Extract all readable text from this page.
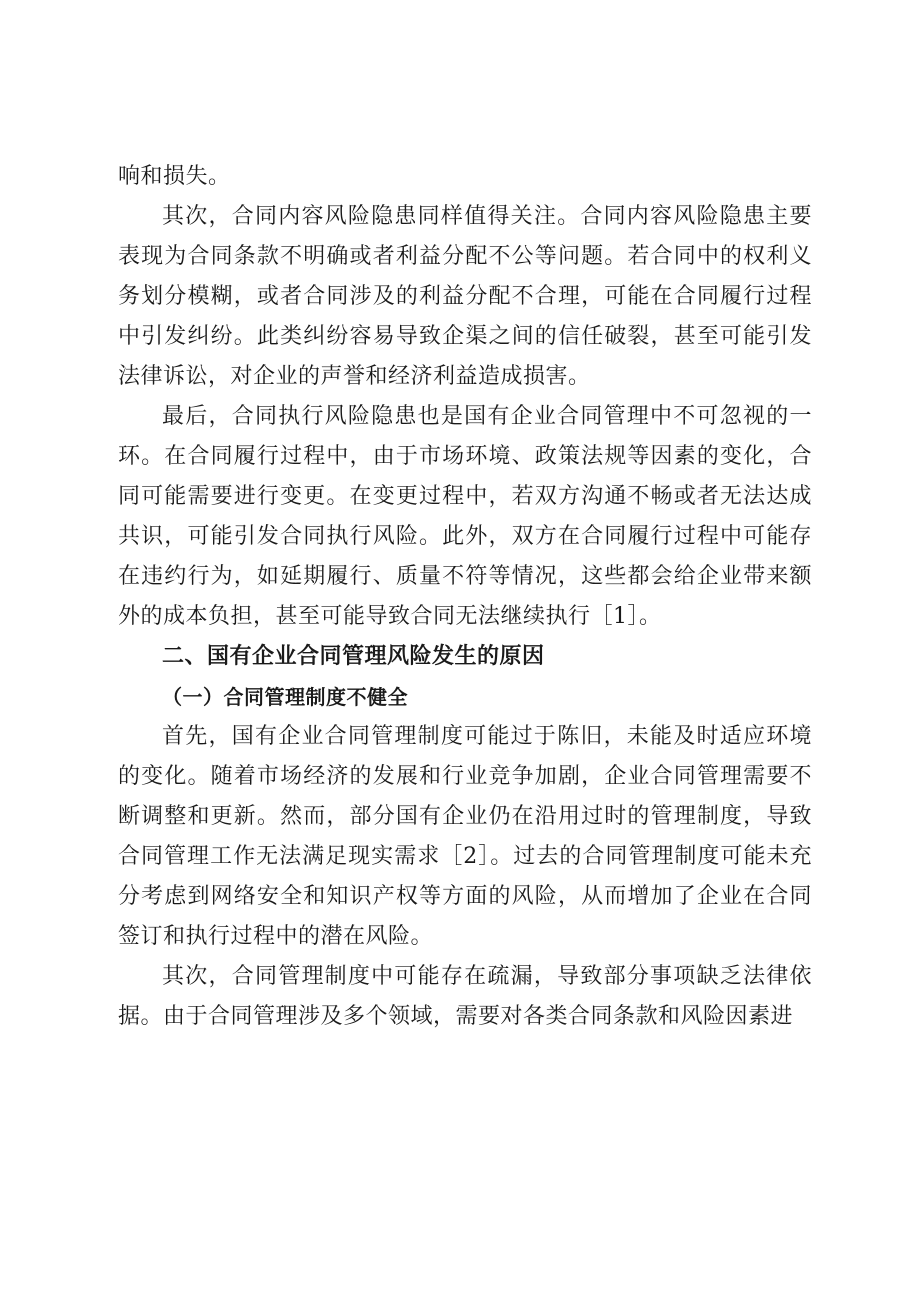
响和损失。

其次，合同内容风险隐患同样值得关注。合同内容风险隐患主要表现为合同条款不明确或者利益分配不公等问题。若合同中的权利义务划分模糊，或者合同涉及的利益分配不合理，可能在合同履行过程中引发纠纷。此类纠纷容易导致企渠之间的信任破裂，甚至可能引发法律诉讼，对企业的声誉和经济利益造成损害。

最后，合同执行风险隐患也是国有企业合同管理中不可忽视的一环。在合同履行过程中，由于市场环境、政策法规等因素的变化，合同可能需要进行变更。在变更过程中，若双方沟通不畅或者无法达成共识，可能引发合同执行风险。此外，双方在合同履行过程中可能存在违约行为，如延期履行、质量不符等情况，这些都会给企业带来额外的成本负担，甚至可能导致合同无法继续执行［1］。

二、国有企业合同管理风险发生的原因
（一）合同管理制度不健全

首先，国有企业合同管理制度可能过于陈旧，未能及时适应环境的变化。随着市场经济的发展和行业竞争加剧，企业合同管理需要不断调整和更新。然而，部分国有企业仍在沿用过时的管理制度，导致合同管理工作无法满足现实需求［2］。过去的合同管理制度可能未充分考虑到网络安全和知识产权等方面的风险，从而增加了企业在合同签订和执行过程中的潜在风险。

其次，合同管理制度中可能存在疏漏，导致部分事项缺乏法律依据。由于合同管理涉及多个领域，需要对各类合同条款和风险因素进
